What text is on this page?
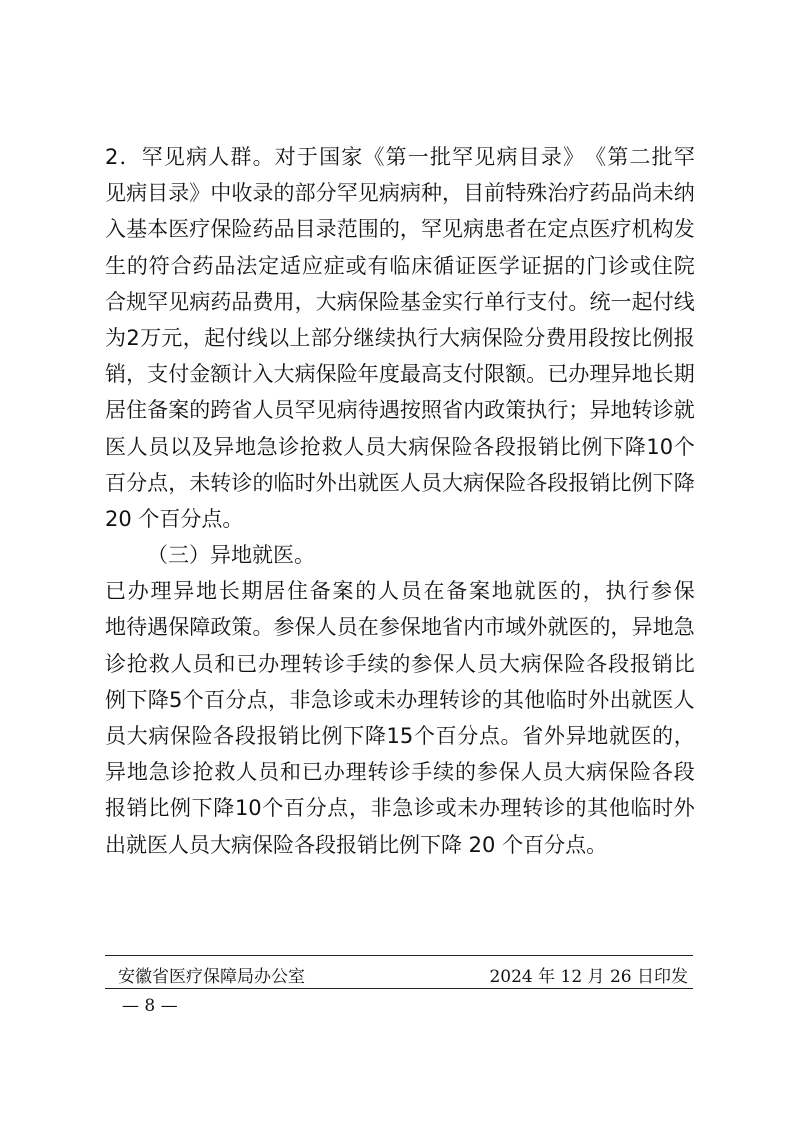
2 ． 罕 见 病 人 群 。 对 于 国 家 《 第 一 批 罕 见 病 目 录 》 《 第 二 批 罕
见 病 目 录 》 中 收 录 的 部 分 罕 见 病 病 种 ， 目 前 特 殊 治 疗 药 品 尚 未 纳
入 基 本 医 疗 保 险 药 品 目 录 范 围 的 ， 罕 见 病 患 者 在 定 点 医 疗 机 构 发
生 的 符 合 药 品 法 定 适 应 症 或 有 临 床 循 证 医 学 证 据 的 门 诊 或 住 院
合 规 罕 见 病 药 品 费 用 ， 大 病 保 险 基 金 实 行 单 行 支 付 。 统 一 起 付 线
为 2 万 元 ， 起 付 线 以 上 部 分 继 续 执 行 大 病 保 险 分 费 用 段 按 比 例 报
销 ， 支 付 金 额 计 入 大 病 保 险 年 度 最 高 支 付 限 额 。 已 办 理 异 地 长 期
居 住 备 案 的 跨 省 人 员 罕 见 病 待 遇 按 照 省 内 政 策 执 行 ； 异 地 转 诊 就
医 人 员 以 及 异 地 急 诊 抢 救 人 员 大 病 保 险 各 段 报 销 比 例 下 降 10 个
百 分 点 ， 未 转 诊 的 临 时 外 出 就 医 人 员 大 病 保 险 各 段 报 销 比 例 下 降
20 个百分点。
（三）异地就医。
已 办 理 异 地 长 期 居 住 备 案 的 人 员 在 备 案 地 就 医 的 ， 执 行 参 保
地 待 遇 保 障 政 策 。 参 保 人 员 在 参 保 地 省 内 市 域 外 就 医 的 ， 异 地 急
诊 抢 救 人 员 和 已 办 理 转 诊 手 续 的 参 保 人 员 大 病 保 险 各 段 报 销 比
例 下 降 5 个 百 分 点 ， 非 急 诊 或 未 办 理 转 诊 的 其 他 临 时 外 出 就 医 人
员 大 病 保 险 各 段 报 销 比 例 下 降 15 个 百 分 点 。 省 外 异 地 就 医 的 ，
异 地 急 诊 抢 救 人 员 和 已 办 理 转 诊 手 续 的 参 保 人 员 大 病 保 险 各 段
报 销 比 例 下 降 10 个 百 分 点 ， 非 急 诊 或 未 办 理 转 诊 的 其 他 临 时 外
出就医人员大病保险各段报销比例下降 20 个百分点。
安徽省医疗保障局办公室	2024 年 12 月 26 日印发
— 8 —
